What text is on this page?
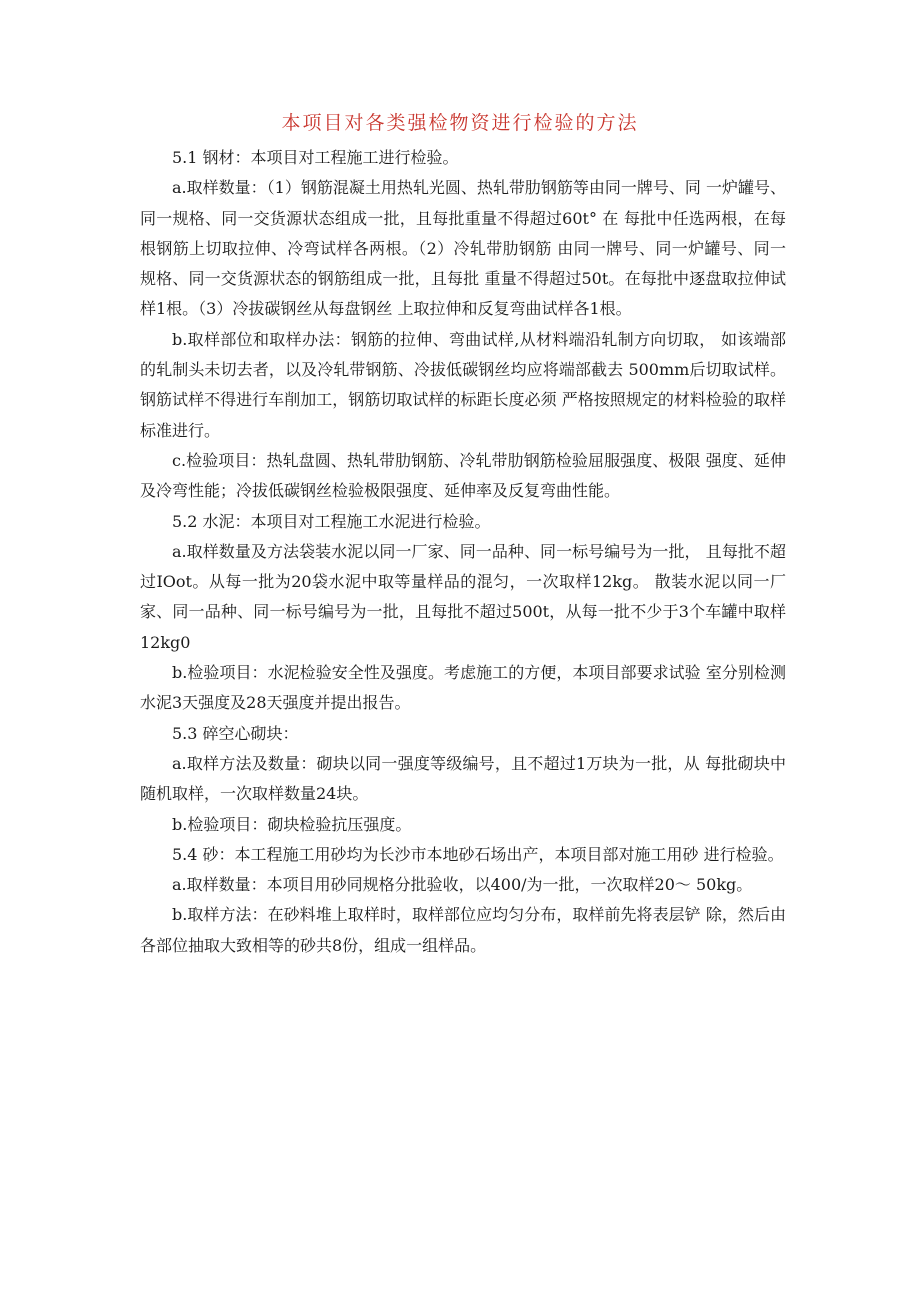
本项目对各类强检物资进行检验的方法

5.1 钢材：本项目对工程施工进行检验。

a.取样数量：（1）钢筋混凝土用热轧光圆、热轧带肋钢筋等由同一牌号、同 一炉罐号、同一规格、同一交货源状态组成一批，且每批重量不得超过60t° 在 每批中任选两根，在每根钢筋上切取拉伸、冷弯试样各两根。（2）冷轧带肋钢筋 由同一牌号、同一炉罐号、同一规格、同一交货源状态的钢筋组成一批，且每批 重量不得超过50t。在每批中逐盘取拉伸试样1根。（3）冷拔碳钢丝从每盘钢丝 上取拉伸和反复弯曲试样各1根。

b.取样部位和取样办法：钢筋的拉伸、弯曲试样,从材料端沿轧制方向切取， 如该端部的轧制头未切去者，以及冷轧带钢筋、冷拔低碳钢丝均应将端部截去 500mm后切取试样。钢筋试样不得进行车削加工，钢筋切取试样的标距长度必须 严格按照规定的材料检验的取样标准进行。

c.检验项目：热轧盘圆、热轧带肋钢筋、冷轧带肋钢筋检验屈服强度、极限 强度、延伸及冷弯性能；冷拔低碳钢丝检验极限强度、延伸率及反复弯曲性能。

5.2 水泥：本项目对工程施工水泥进行检验。

a.取样数量及方法袋装水泥以同一厂家、同一品种、同一标号编号为一批， 且每批不超过IOot。从每一批为20袋水泥中取等量样品的混匀，一次取样12kg。 散装水泥以同一厂家、同一品种、同一标号编号为一批，且每批不超过500t，从每一批不少于3个车罐中取样12kg0

b.检验项目：水泥检验安全性及强度。考虑施工的方便，本项目部要求试验 室分别检测水泥3天强度及28天强度并提出报告。

5.3 碎空心砌块：

a.取样方法及数量：砌块以同一强度等级编号，且不超过1万块为一批，从 每批砌块中随机取样，一次取样数量24块。

b.检验项目：砌块检验抗压强度。

5.4 砂：本工程施工用砂均为长沙市本地砂石场出产，本项目部对施工用砂 进行检验。

a.取样数量：本项目用砂同规格分批验收，以400/为一批，一次取样20〜 50kg。

b.取样方法：在砂料堆上取样时，取样部位应均匀分布，取样前先将表层铲 除，然后由各部位抽取大致相等的砂共8份，组成一组样品。
